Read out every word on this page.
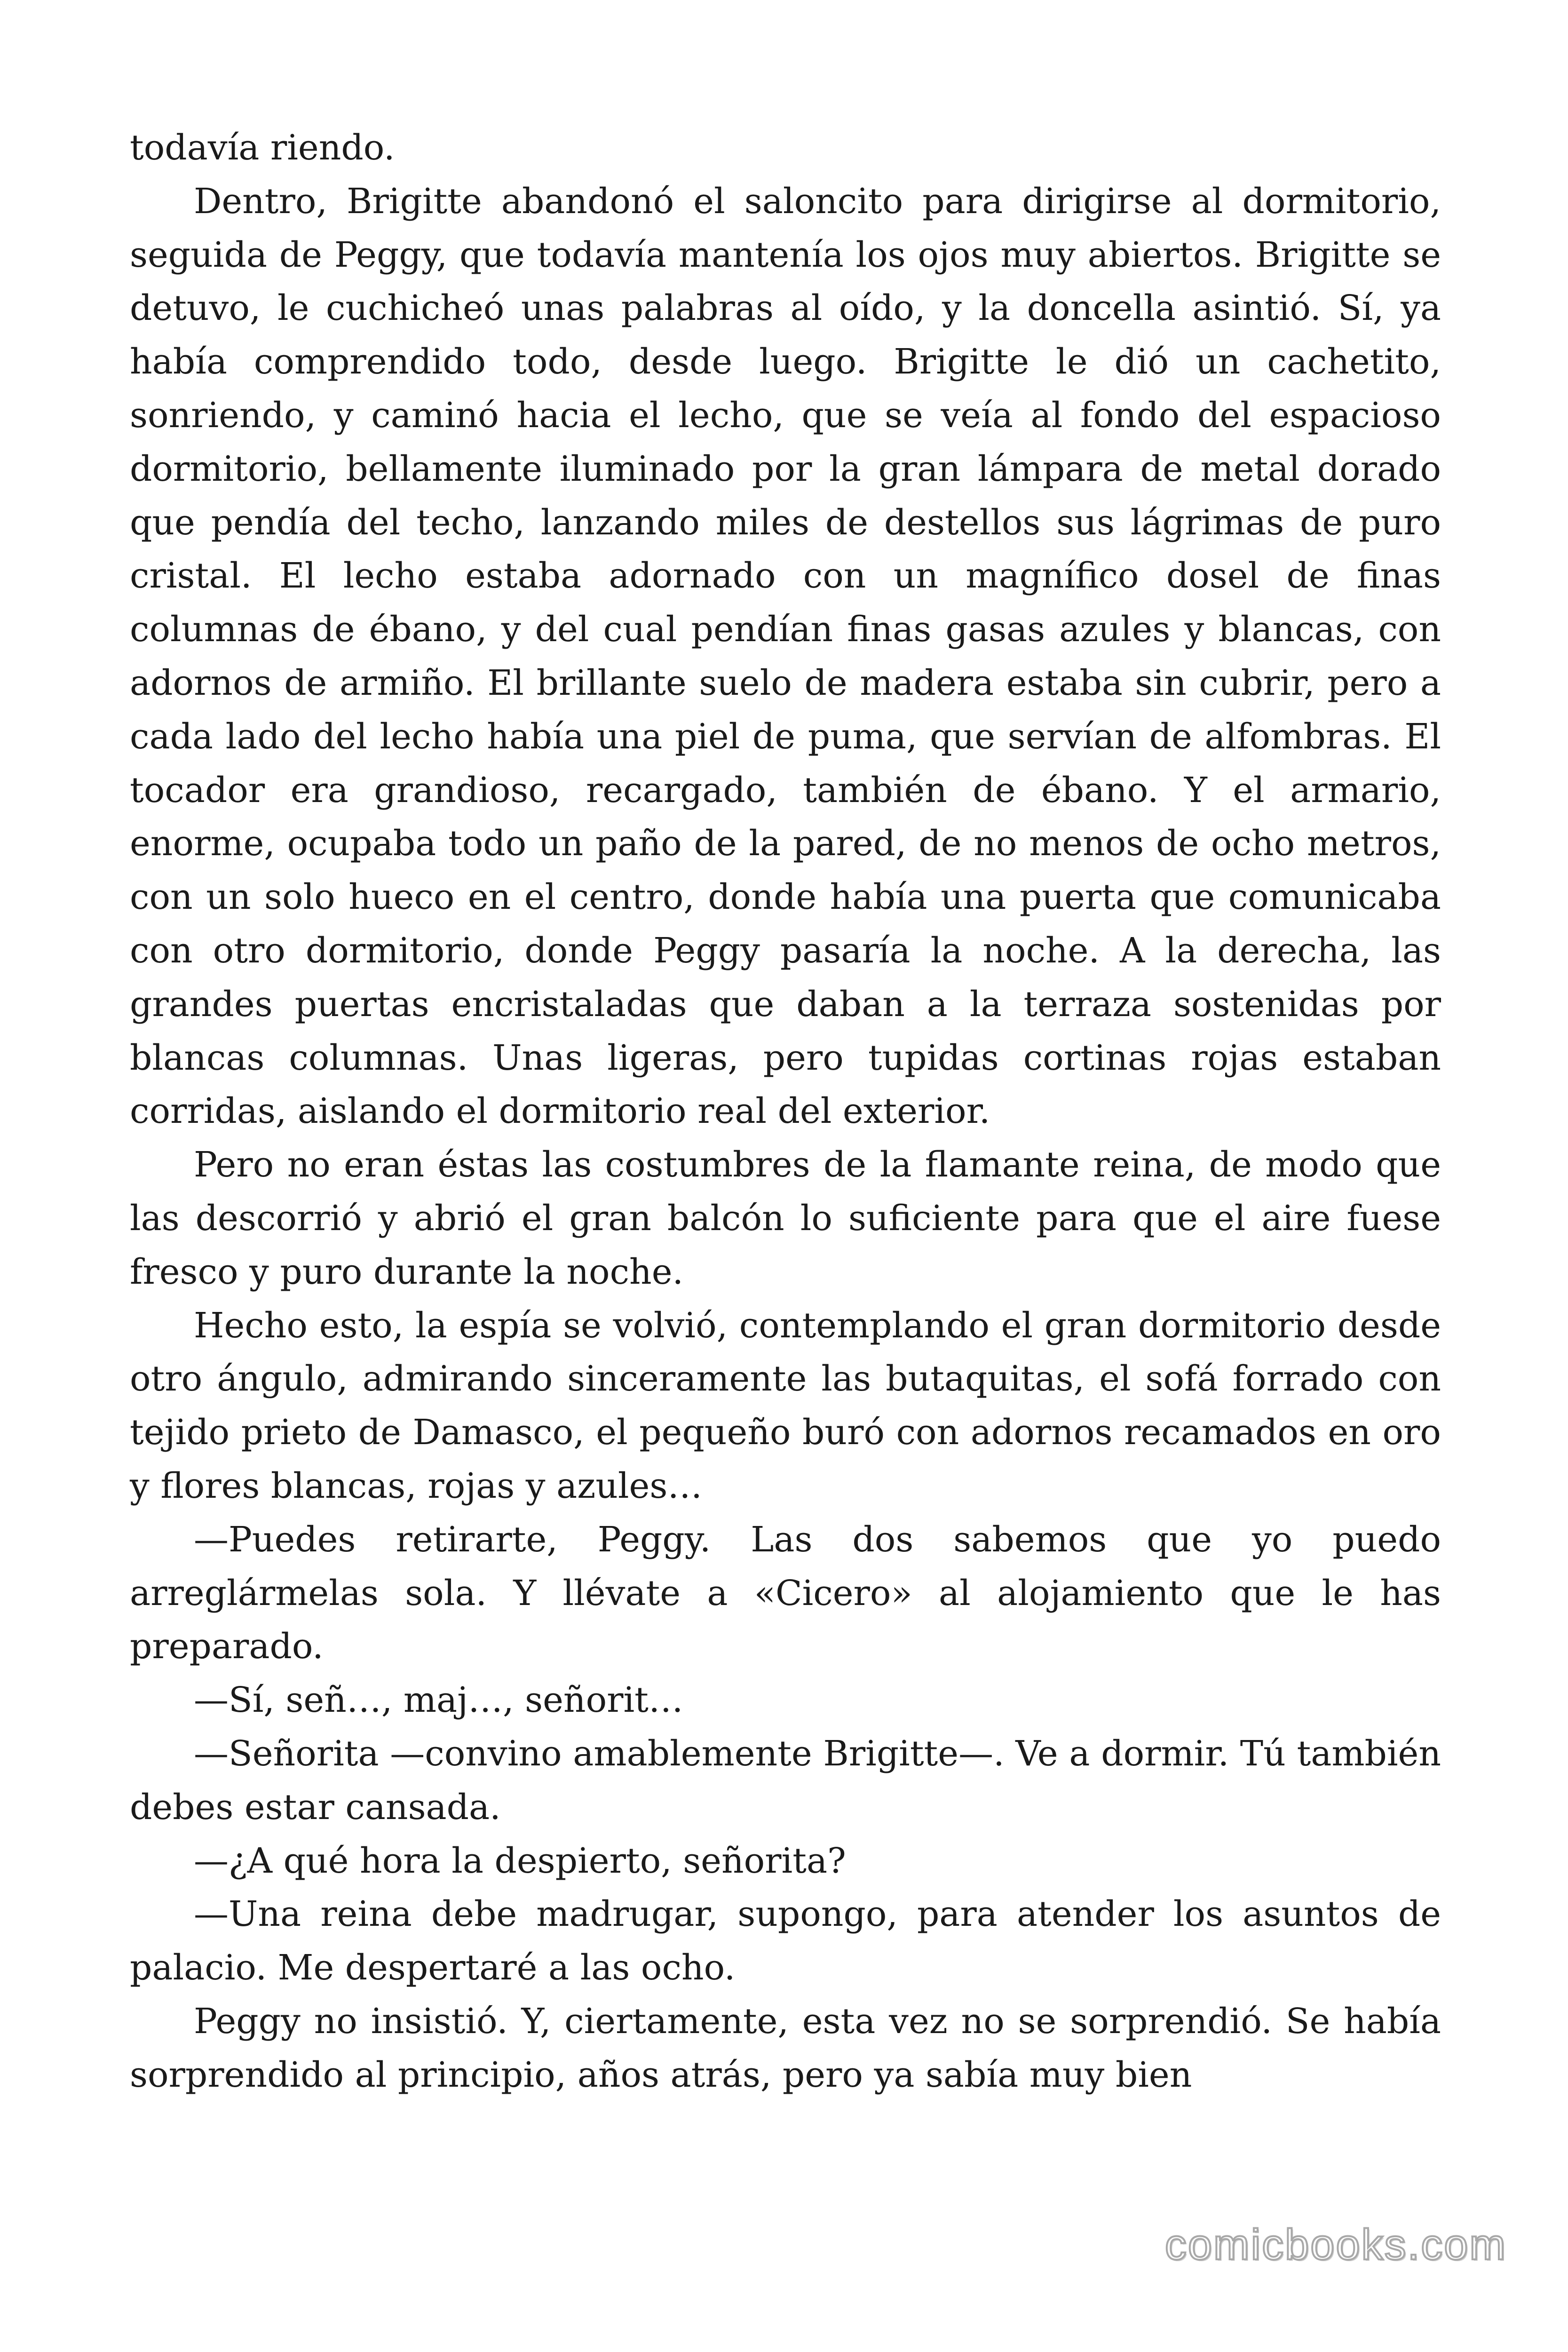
todavía riendo.

Dentro, Brigitte abandonó el saloncito para dirigirse al dormitorio, seguida de Peggy, que todavía mantenía los ojos muy abiertos. Brigitte se detuvo, le cuchicheó unas palabras al oído, y la doncella asintió. Sí, ya había comprendido todo, desde luego. Brigitte le dió un cachetito, sonriendo, y caminó hacia el lecho, que se veía al fondo del espacioso dormitorio, bellamente iluminado por la gran lámpara de metal dorado que pendía del techo, lanzando miles de destellos sus lágrimas de puro cristal. El lecho estaba adornado con un magnífico dosel de finas columnas de ébano, y del cual pendían finas gasas azules y blancas, con adornos de armiño. El brillante suelo de madera estaba sin cubrir, pero a cada lado del lecho había una piel de puma, que servían de alfombras. El tocador era grandioso, recargado, también de ébano. Y el armario, enorme, ocupaba todo un paño de la pared, de no menos de ocho metros, con un solo hueco en el centro, donde había una puerta que comunicaba con otro dormitorio, donde Peggy pasaría la noche. A la derecha, las grandes puertas encristaladas que daban a la terraza sostenidas por blancas columnas. Unas ligeras, pero tupidas cortinas rojas estaban corridas, aislando el dormitorio real del exterior.

Pero no eran éstas las costumbres de la flamante reina, de modo que las descorrió y abrió el gran balcón lo suficiente para que el aire fuese fresco y puro durante la noche.

Hecho esto, la espía se volvió, contemplando el gran dormitorio desde otro ángulo, admirando sinceramente las butaquitas, el sofá forrado con tejido prieto de Damasco, el pequeño buró con adornos recamados en oro y flores blancas, rojas y azules…

—Puedes retirarte, Peggy. Las dos sabemos que yo puedo arreglármelas sola. Y llévate a «Cicero» al alojamiento que le has preparado.

—Sí, señ…, maj…, señorit…

—Señorita —convino amablemente Brigitte—. Ve a dormir. Tú también debes estar cansada.

—¿A qué hora la despierto, señorita?

—Una reina debe madrugar, supongo, para atender los asuntos de palacio. Me despertaré a las ocho.

Peggy no insistió. Y, ciertamente, esta vez no se sorprendió. Se había sorprendido al principio, años atrás, pero ya sabía muy bien

comicbooks.com
